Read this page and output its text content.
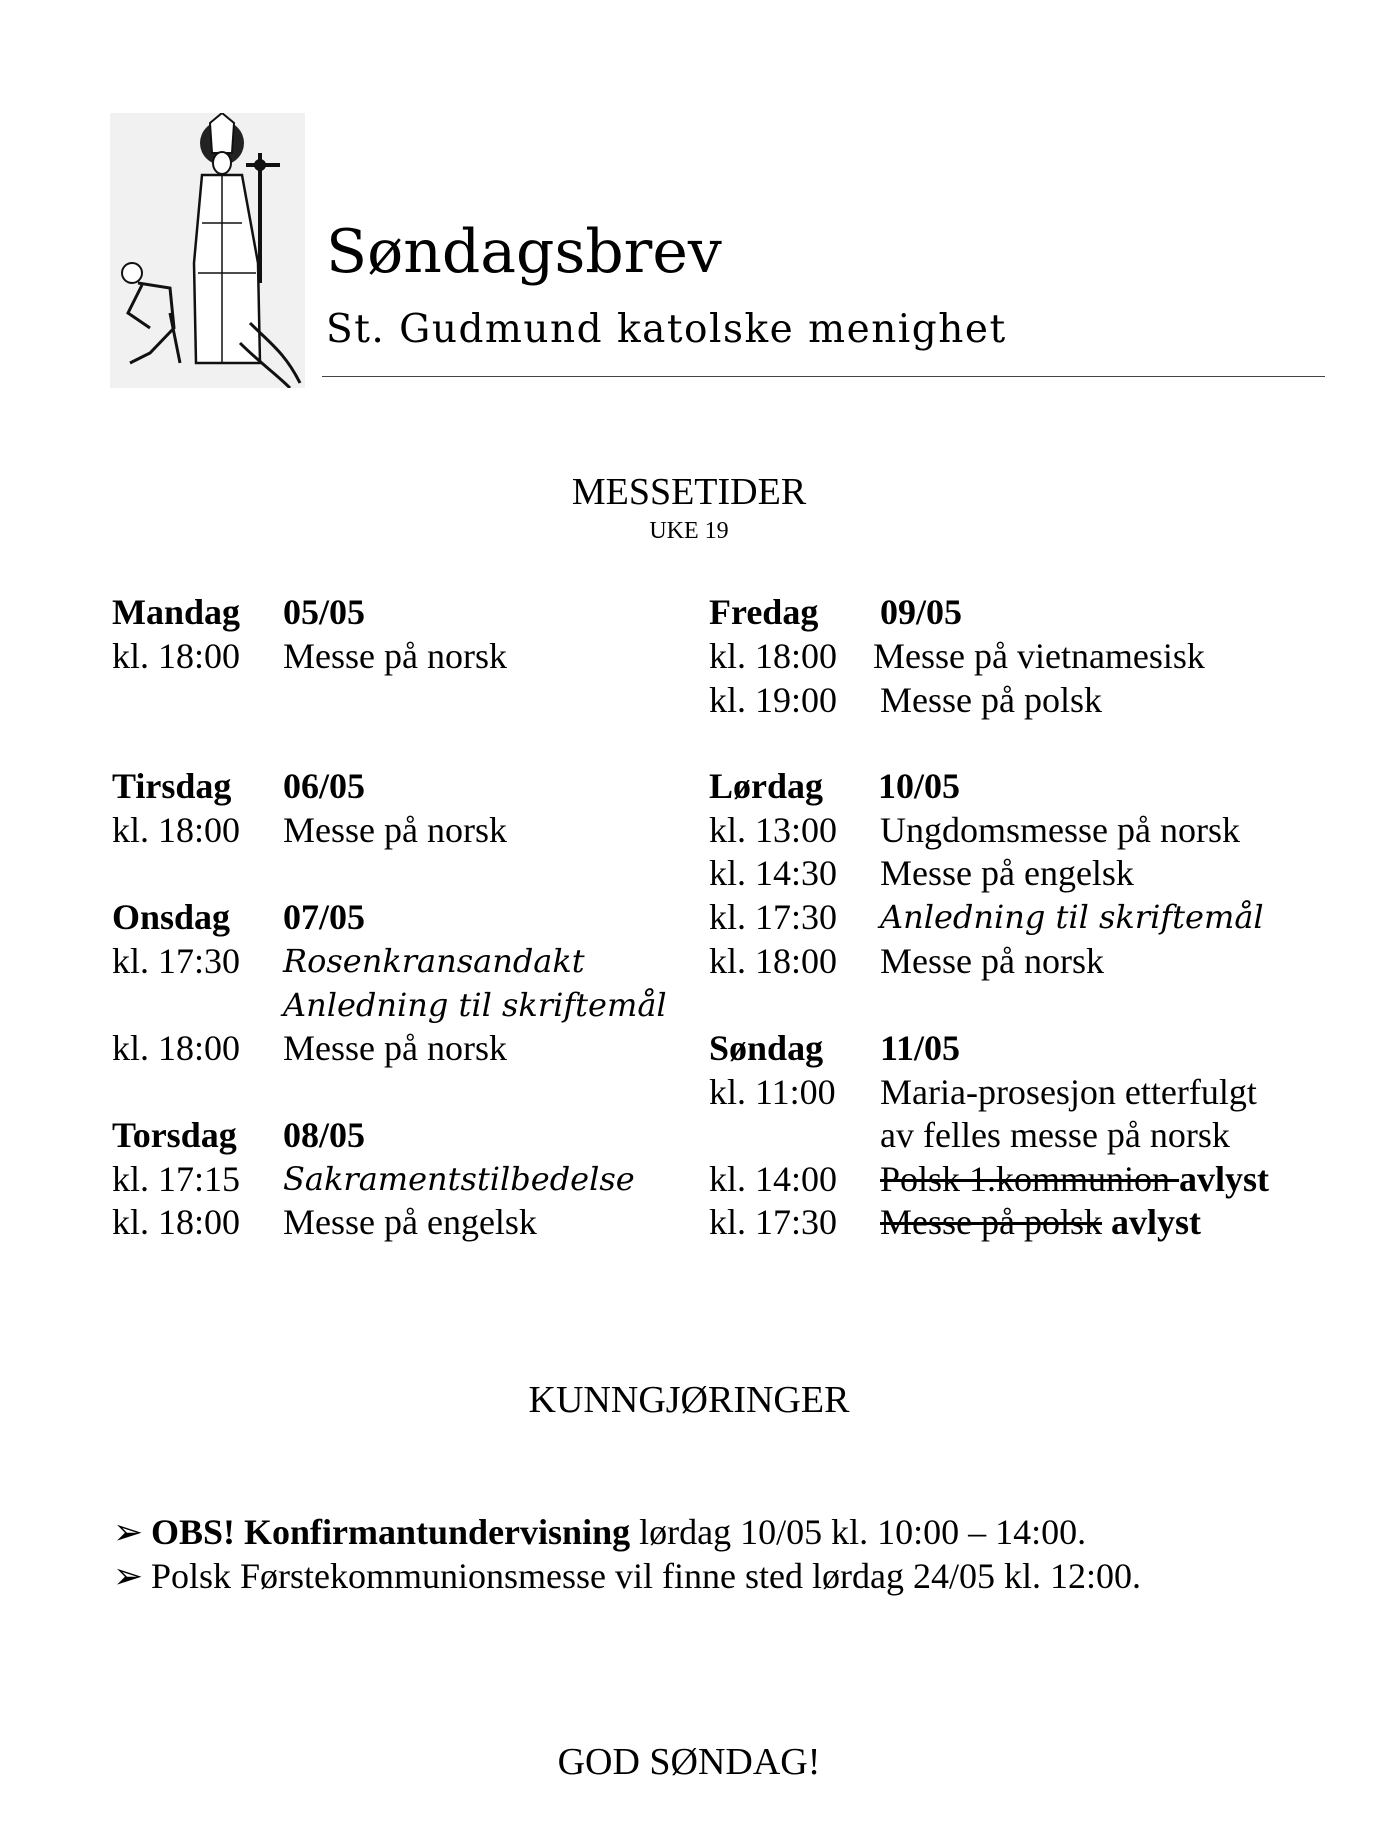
Søndagsbrev
St. Gudmund katolske menighet
MESSETIDER
UKE 19
Mandag 05/05
kl. 18:00 Messe på norsk
Tirsdag 06/05
kl. 18:00 Messe på norsk
Onsdag 07/05
kl. 17:30 Rosenkransandakt
Anledning til skriftemål
kl. 18:00 Messe på norsk
Torsdag 08/05
kl. 17:15 Sakramentstilbedelse
kl. 18:00 Messe på engelsk
Fredag 09/05
kl. 18:00 Messe på vietnamesisk
kl. 19:00 Messe på polsk
Lørdag 10/05
kl. 13:00 Ungdomsmesse på norsk
kl. 14:30 Messe på engelsk
kl. 17:30 Anledning til skriftemål
kl. 18:00 Messe på norsk
Søndag 11/05
kl. 11:00 Maria-prosesjon etterfulgt
av felles messe på norsk
kl. 14:00 Polsk 1.kommunion avlyst
kl. 17:30 Messe på polsk avlyst
KUNNGJØRINGER
➢ OBS! Konfirmantundervisning lørdag 10/05 kl. 10:00 – 14:00.
➢ Polsk Førstekommunionsmesse vil finne sted lørdag 24/05 kl. 12:00.
GOD SØNDAG!
